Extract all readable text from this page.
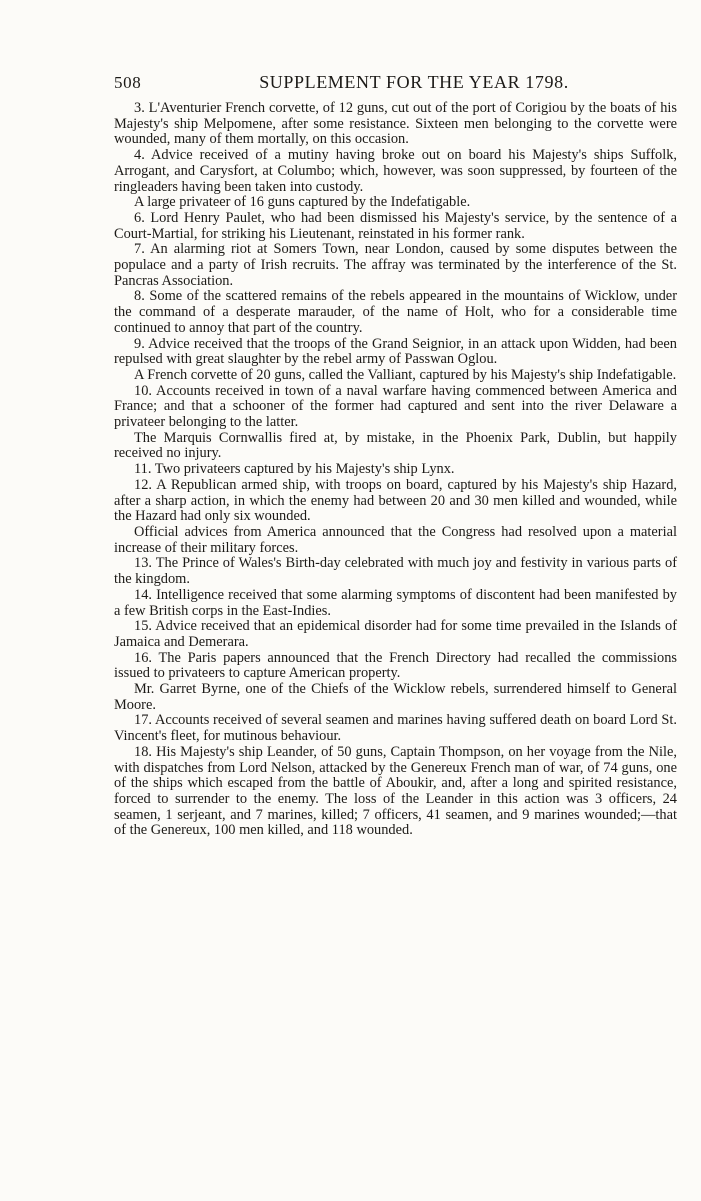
508	SUPPLEMENT FOR THE YEAR 1798.

3. L'Aventurier French corvette, of 12 guns, cut out of the port of Corigiou by the boats of his Majesty's ship Melpomene, after some resistance. Sixteen men belonging to the corvette were wounded, many of them mortally, on this occasion.

4. Advice received of a mutiny having broke out on board his Majesty's ships Suffolk, Arrogant, and Carysfort, at Columbo; which, however, was soon suppressed, by fourteen of the ringleaders having been taken into custody.

A large privateer of 16 guns captured by the Indefatigable.

6. Lord Henry Paulet, who had been dismissed his Majesty's service, by the sentence of a Court-Martial, for striking his Lieutenant, reinstated in his former rank.

7. An alarming riot at Somers Town, near London, caused by some disputes between the populace and a party of Irish recruits. The affray was terminated by the interference of the St. Pancras Association.

8. Some of the scattered remains of the rebels appeared in the mountains of Wicklow, under the command of a desperate marauder, of the name of Holt, who for a considerable time continued to annoy that part of the country.

9. Advice received that the troops of the Grand Seignior, in an attack upon Widden, had been repulsed with great slaughter by the rebel army of Passwan Oglou.

A French corvette of 20 guns, called the Valliant, captured by his Majesty's ship Indefatigable.

10. Accounts received in town of a naval warfare having commenced between America and France; and that a schooner of the former had captured and sent into the river Delaware a privateer belonging to the latter.

The Marquis Cornwallis fired at, by mistake, in the Phoenix Park, Dublin, but happily received no injury.

11. Two privateers captured by his Majesty's ship Lynx.

12. A Republican armed ship, with troops on board, captured by his Majesty's ship Hazard, after a sharp action, in which the enemy had between 20 and 30 men killed and wounded, while the Hazard had only six wounded.

Official advices from America announced that the Congress had resolved upon a material increase of their military forces.

13. The Prince of Wales's Birth-day celebrated with much joy and festivity in various parts of the kingdom.

14. Intelligence received that some alarming symptoms of discontent had been manifested by a few British corps in the East-Indies.

15. Advice received that an epidemical disorder had for some time prevailed in the Islands of Jamaica and Demerara.

16. The Paris papers announced that the French Directory had recalled the commissions issued to privateers to capture American property.

Mr. Garret Byrne, one of the Chiefs of the Wicklow rebels, surrendered himself to General Moore.

17. Accounts received of several seamen and marines having suffered death on board Lord St. Vincent's fleet, for mutinous behaviour.

18. His Majesty's ship Leander, of 50 guns, Captain Thompson, on her voyage from the Nile, with dispatches from Lord Nelson, attacked by the Genereux French man of war, of 74 guns, one of the ships which escaped from the battle of Aboukir, and, after a long and spirited resistance, forced to surrender to the enemy. The loss of the Leander in this action was 3 officers, 24 seamen, 1 serjeant, and 7 marines, killed; 7 officers, 41 seamen, and 9 marines wounded;—that of the Genereux, 100 men killed, and 118 wounded.
